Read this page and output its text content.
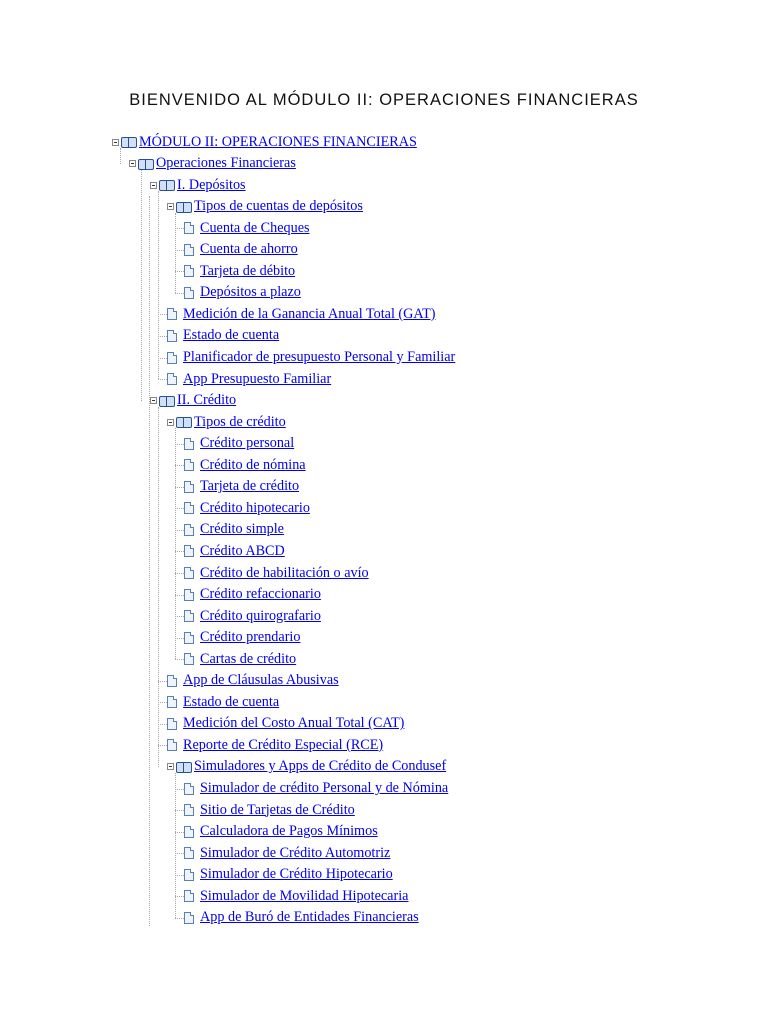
BIENVENIDO AL MÓDULO II: OPERACIONES FINANCIERAS
MÓDULO II: OPERACIONES FINANCIERAS
Operaciones Financieras
I. Depósitos
Tipos de cuentas de depósitos
Cuenta de Cheques
Cuenta de ahorro
Tarjeta de débito
Depósitos a plazo
Medición de la Ganancia Anual Total (GAT)
Estado de cuenta
Planificador de presupuesto Personal y Familiar
App Presupuesto Familiar
II. Crédito
Tipos de crédito
Crédito personal
Crédito de nómina
Tarjeta de crédito
Crédito hipotecario
Crédito simple
Crédito ABCD
Crédito de habilitación o avío
Crédito refaccionario
Crédito quirografario
Crédito prendario
Cartas de crédito
App de Cláusulas Abusivas
Estado de cuenta
Medición del Costo Anual Total (CAT)
Reporte de Crédito Especial (RCE)
Simuladores y Apps de Crédito de Condusef
Simulador de crédito Personal y de Nómina
Sitio de Tarjetas de Crédito
Calculadora de Pagos Mínimos
Simulador de Crédito Automotriz
Simulador de Crédito Hipotecario
Simulador de Movilidad Hipotecaria
App de Buró de Entidades Financieras
